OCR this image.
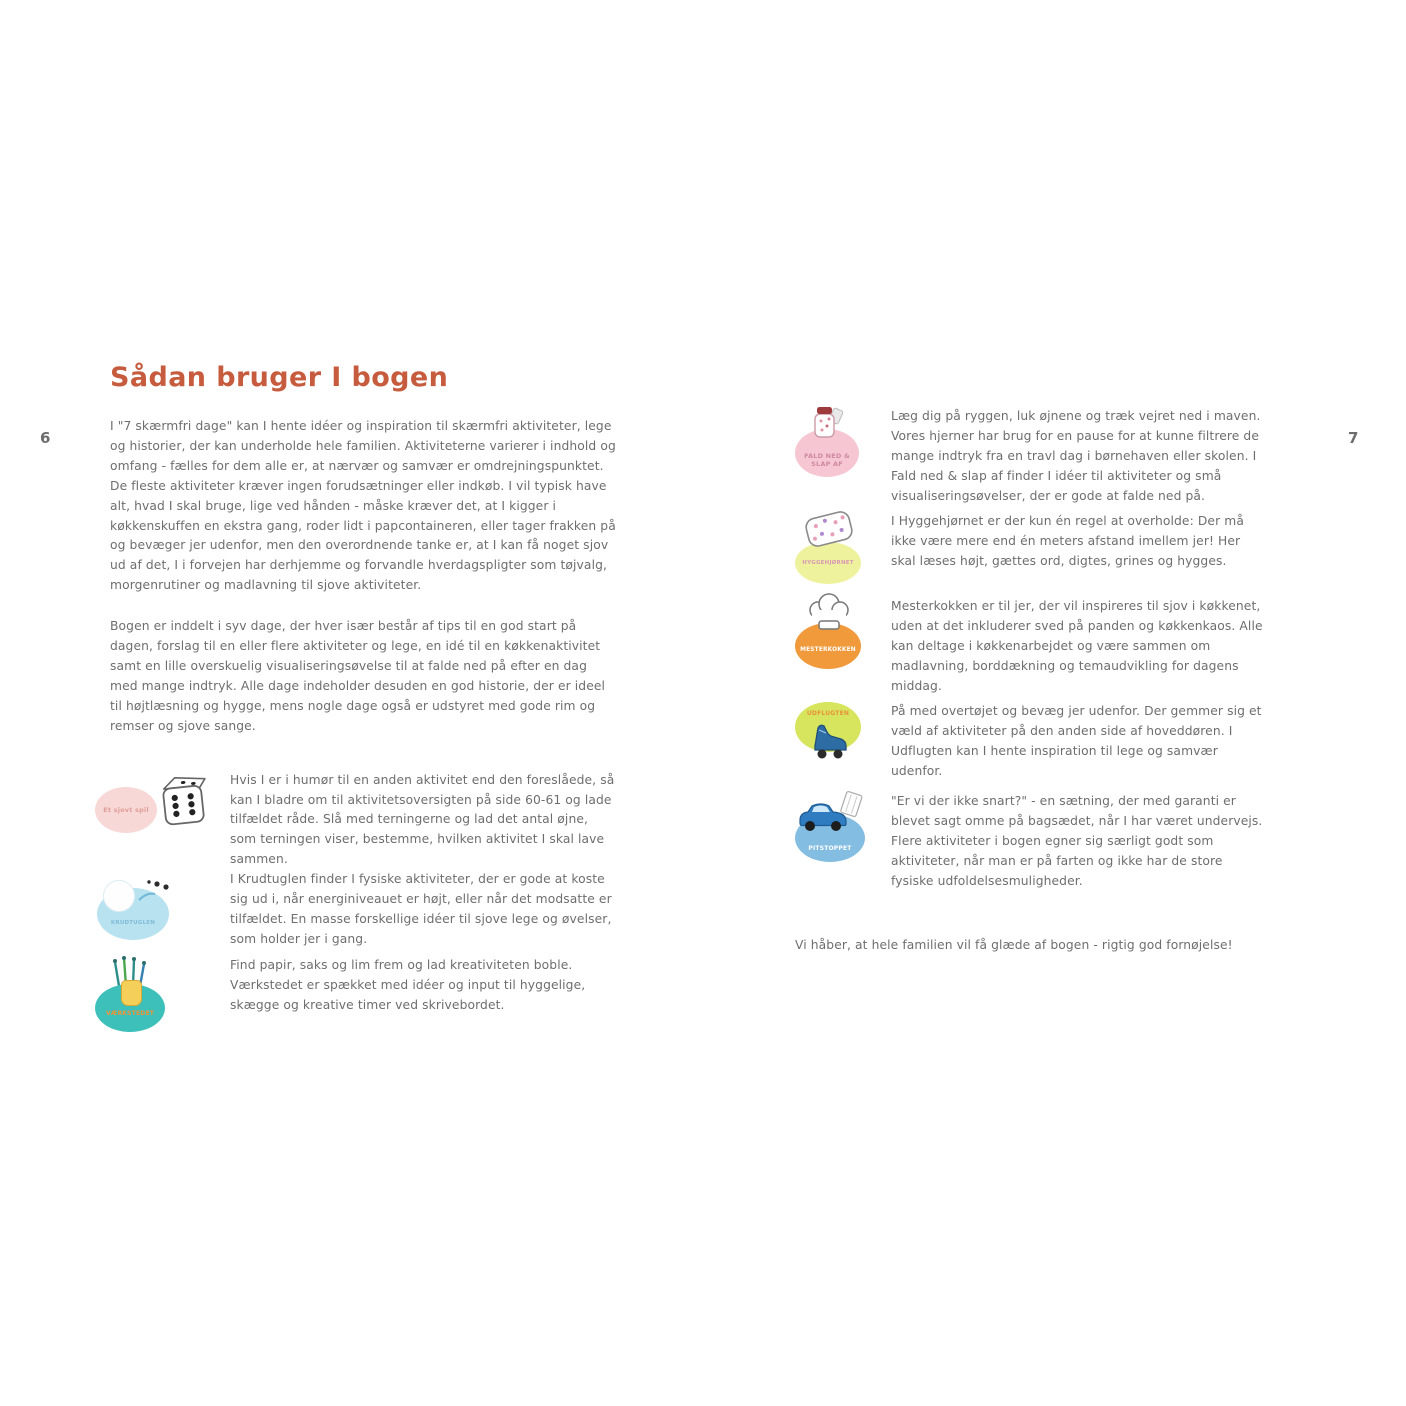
6	7
Sådan bruger I bogen

I "7 skærmfri dage" kan I hente idéer og inspiration til skærmfri aktiviteter, lege og historier, der kan underholde hele familien. Aktiviteterne varierer i indhold og omfang - fælles for dem alle er, at nærvær og samvær er omdrejningspunktet. De fleste aktiviteter kræver ingen forudsætninger eller indkøb. I vil typisk have alt, hvad I skal bruge, lige ved hånden - måske kræver det, at I kigger i køkkenskuffen en ekstra gang, roder lidt i papcontaineren, eller tager frakken på og bevæger jer udenfor, men den overordnende tanke er, at I kan få noget sjov ud af det, I i forvejen har derhjemme og forvandle hverdagspligter som tøjvalg, morgenrutiner og madlavning til sjove aktiviteter.

Bogen er inddelt i syv dage, der hver især består af tips til en god start på dagen, forslag til en eller flere aktiviteter og lege, en idé til en køkkenaktivitet samt en lille overskuelig visualiseringsøvelse til at falde ned på efter en dag med mange indtryk. Alle dage indeholder desuden en god historie, der er ideel til højtlæsning og hygge, mens nogle dage også er udstyret med gode rim og remser og sjove sange.

Et sjovt spil
Hvis I er i humør til en anden aktivitet end den foreslåede, så kan I bladre om til aktivitetsoversigten på side 60-61 og lade tilfældet råde. Slå med terningerne og lad det antal øjne, som terningen viser, bestemme, hvilken aktivitet I skal lave sammen.
KRUDTUGLEN
I Krudtuglen finder I fysiske aktiviteter, der er gode at koste sig ud i, når energiniveauet er højt, eller når det modsatte er tilfældet. En masse forskellige idéer til sjove lege og øvelser, som holder jer i gang.
VÆRKSTEDET
Find papir, saks og lim frem og lad kreativiteten boble. Værkstedet er spækket med idéer og input til hyggelige, skægge og kreative timer ved skrivebordet.
FALD NED & SLAP AF
Læg dig på ryggen, luk øjnene og træk vejret ned i maven. Vores hjerner har brug for en pause for at kunne filtrere de mange indtryk fra en travl dag i børnehaven eller skolen. I Fald ned & slap af finder I idéer til aktiviteter og små visualiseringsøvelser, der er gode at falde ned på.
HYGGEHJØRNET
I Hyggehjørnet er der kun én regel at overholde: Der må ikke være mere end én meters afstand imellem jer! Her skal læses højt, gættes ord, digtes, grines og hygges.
MESTERKOKKEN
Mesterkokken er til jer, der vil inspireres til sjov i køkkenet, uden at det inkluderer sved på panden og køkkenkaos. Alle kan deltage i køkkenarbejdet og være sammen om madlavning, borddækning og temaudvikling for dagens middag.
UDFLUGTEN	På med overtøjet og bevæg jer udenfor. Der gemmer sig et væld af aktiviteter på den anden side af hoveddøren. I Udflugten kan I hente inspiration til lege og samvær udenfor.
PITSTOPPET
"Er vi der ikke snart?" - en sætning, der med garanti er blevet sagt omme på bagsædet, når I har været undervejs. Flere aktiviteter i bogen egner sig særligt godt som aktiviteter, når man er på farten og ikke har de store fysiske udfoldelsesmuligheder.

Vi håber, at hele familien vil få glæde af bogen - rigtig god fornøjelse!
